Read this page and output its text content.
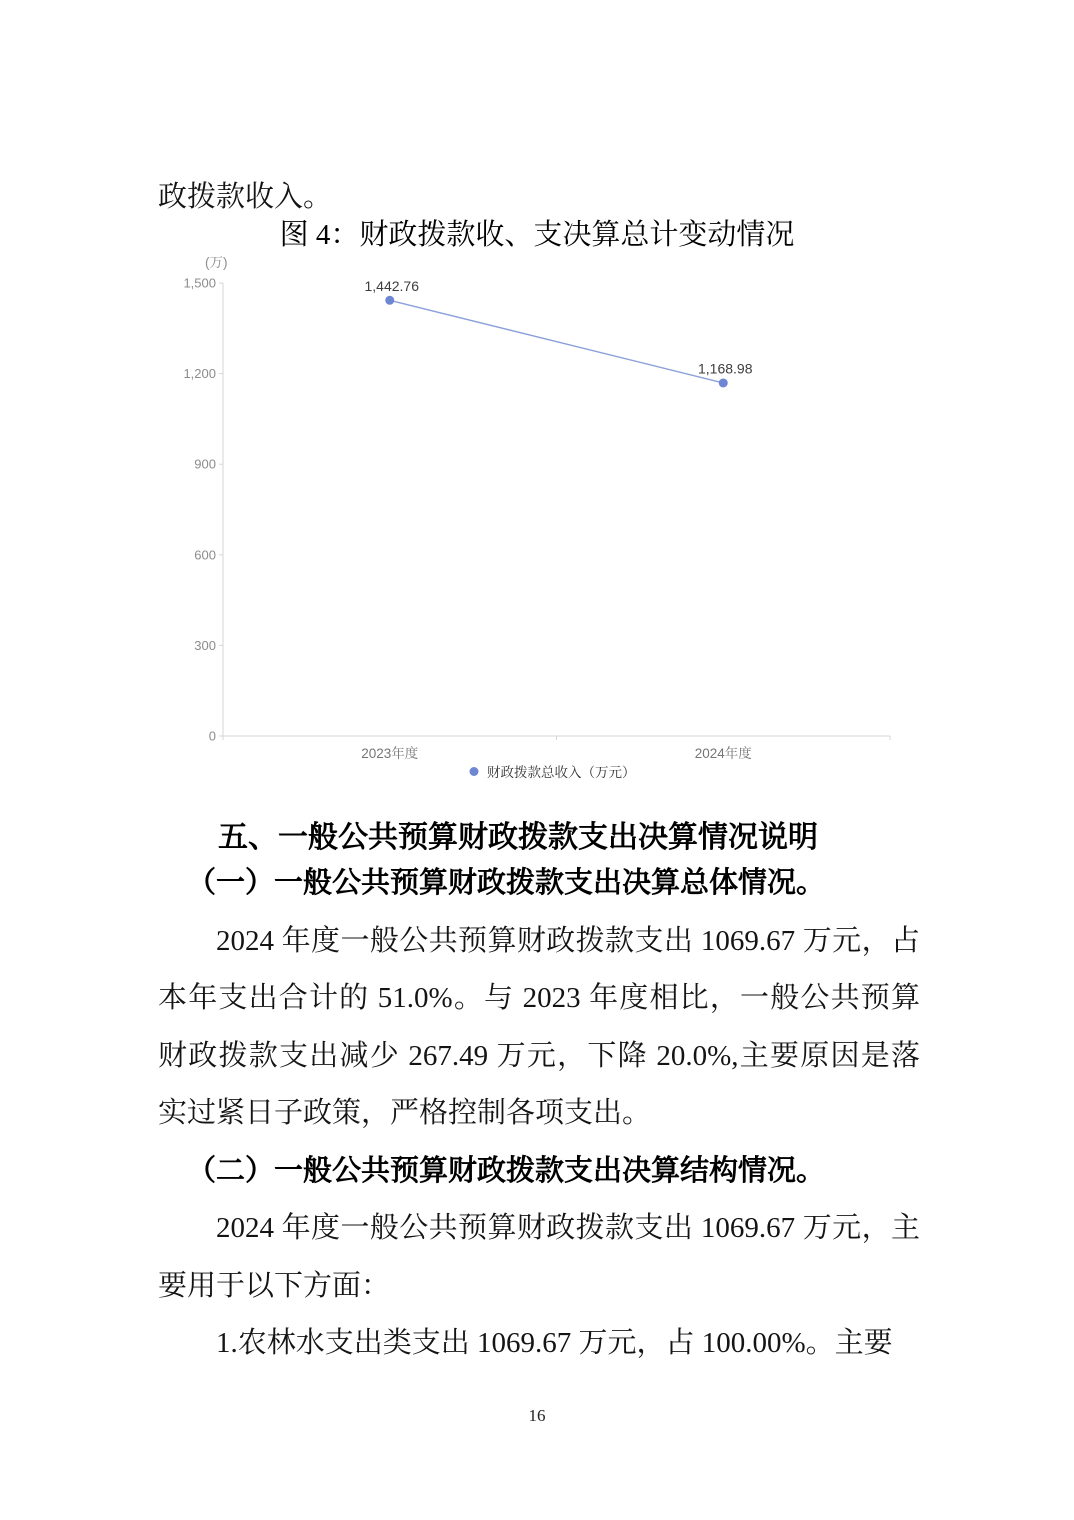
政拨款收入。

图 4：财政拨款收、支决算总计变动情况
(万)
1,500
1,200
900
600
300
0
2023年度	2024年度
1,442.76
1,168.98
财政拨款总收入（万元）
五、一般公共预算财政拨款支出决算情况说明
（一）一般公共预算财政拨款支出决算总体情况。
2024 年度一般公共预算财政拨款支出 1069.67 万元，占本年支出合计的 51.0%。与 2023 年度相比，一般公共预算财政拨款支出减少 267.49 万元，下降 20.0%,主要原因是落实过紧日子政策，严格控制各项支出。
（二）一般公共预算财政拨款支出决算结构情况。
2024 年度一般公共预算财政拨款支出 1069.67 万元，主要用于以下方面：
1.农林水支出类支出 1069.67 万元，占 100.00%。主要
16
